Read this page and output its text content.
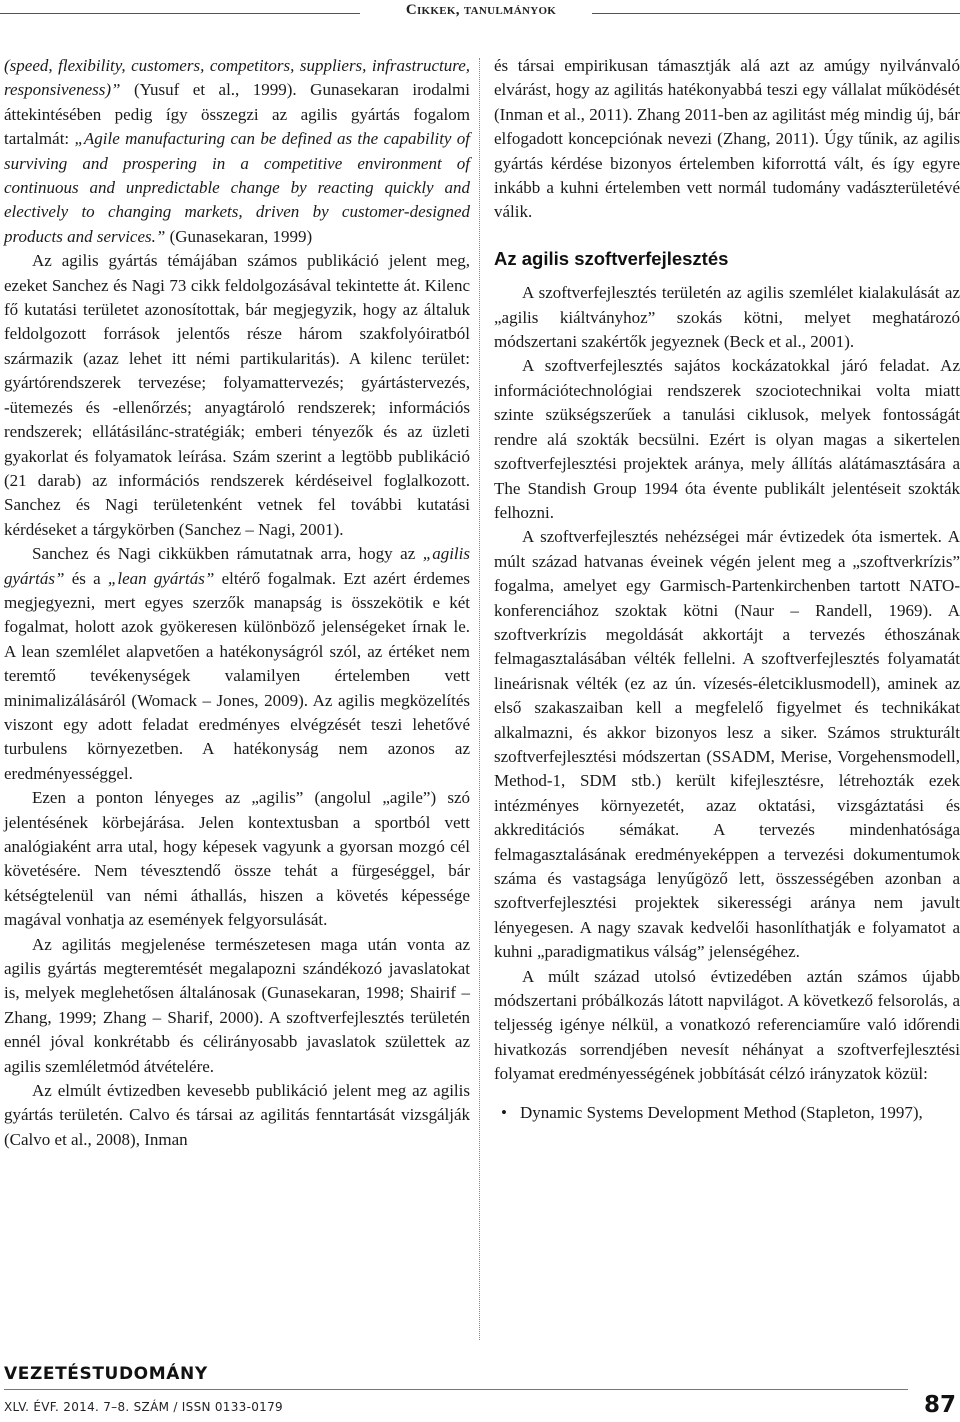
Cikkek, tanulmányok

(speed, flexibility, customers, competitors, suppliers, infrastructure, responsiveness)” (Yusuf et al., 1999). Gunasekaran irodalmi áttekintésében pedig így összegzi az agilis gyártás fogalom tartalmát: „Agile manufacturing can be defined as the capability of surviving and prospering in a competitive environment of continuous and unpredictable change by reacting quickly and electively to changing markets, driven by customer-designed products and services.” (Gunasekaran, 1999)

Az agilis gyártás témájában számos publikáció jelent meg, ezeket Sanchez és Nagi 73 cikk feldolgozásával tekintette át. Kilenc fő kutatási területet azonosítottak, bár megjegyzik, hogy az általuk feldolgozott források jelentős része három szakfolyóiratból származik (azaz lehet itt némi partikularitás). A kilenc terület: gyártórendszerek tervezése; folyamattervezés; gyártástervezés, -ütemezés és -ellenőrzés; anyagtároló rendszerek; információs rendszerek; ellátásilánc-stratégiák; emberi tényezők és az üzleti gyakorlat és folyamatok leírása. Szám szerint a legtöbb publikáció (21 darab) az információs rendszerek kérdéseivel foglalkozott. Sanchez és Nagi területenként vetnek fel további kutatási kérdéseket a tárgykörben (Sanchez – Nagi, 2001).

Sanchez és Nagi cikkükben rámutatnak arra, hogy az „agilis gyártás” és a „lean gyártás” eltérő fogalmak. Ezt azért érdemes megjegyezni, mert egyes szerzők manapság is összekötik e két fogalmat, holott azok gyökeresen különböző jelenségeket írnak le. A lean szemlélet alapvetően a hatékonyságról szól, az értéket nem teremtő tevékenységek valamilyen értelemben vett minimalizálásáról (Womack – Jones, 2009). Az agilis megközelítés viszont egy adott feladat eredményes elvégzését teszi lehetővé turbulens környezetben. A hatékonyság nem azonos az eredményességgel.

Ezen a ponton lényeges az „agilis” (angolul „agile”) szó jelentésének körbejárása. Jelen kontextusban a sportból vett analógiaként arra utal, hogy képesek vagyunk a gyorsan mozgó cél követésére. Nem tévesztendő össze tehát a fürgeséggel, bár kétségtelenül van némi áthallás, hiszen a követés képessége magával vonhatja az események felgyorsulását.

Az agilitás megjelenése természetesen maga után vonta az agilis gyártás megteremtését megalapozni szándékozó javaslatokat is, melyek meglehetősen általánosak (Gunasekaran, 1998; Shairif – Zhang, 1999; Zhang – Sharif, 2000). A szoftverfejlesztés területén ennél jóval konkrétabb és célirányosabb javaslatok születtek az agilis szemléletmód átvételére.

Az elmúlt évtizedben kevesebb publikáció jelent meg az agilis gyártás területén. Calvo és társai az agilitás fenntartását vizsgálják (Calvo et al., 2008), Inman

és társai empirikusan támasztják alá azt az amúgy nyilvánvaló elvárást, hogy az agilitás hatékonyabbá teszi egy vállalat működését (Inman et al., 2011). Zhang 2011-ben az agilitást még mindig új, bár elfogadott koncepciónak nevezi (Zhang, 2011). Úgy tűnik, az agilis gyártás kérdése bizonyos értelemben kiforrottá vált, és így egyre inkább a kuhni értelemben vett normál tudomány vadászterületévé válik.

Az agilis szoftverfejlesztés

A szoftverfejlesztés területén az agilis szemlélet kialakulását az „agilis kiáltványhoz” szokás kötni, melyet meghatározó módszertani szakértők jegyeznek (Beck et al., 2001).

A szoftverfejlesztés sajátos kockázatokkal járó feladat. Az információtechnológiai rendszerek szociotechnikai volta miatt szinte szükségszerűek a tanulási ciklusok, melyek fontosságát rendre alá szokták becsülni. Ezért is olyan magas a sikertelen szoftverfejlesztési projektek aránya, mely állítás alátámasztására a The Standish Group 1994 óta évente publikált jelentéseit szokták felhozni.

A szoftverfejlesztés nehézségei már évtizedek óta ismertek. A múlt század hatvanas éveinek végén jelent meg a „szoftverkrízis” fogalma, amelyet egy Garmisch-Partenkirchenben tartott NATO-konferenciához szoktak kötni (Naur – Randell, 1969). A szoftverkrízis megoldását akkortájt a tervezés éthoszának felmagasztalásában vélték fellelni. A szoftverfejlesztés folyamatát lineárisnak vélték (ez az ún. vízesés-életciklusmodell), aminek az első szakaszaiban kell a megfelelő figyelmet és technikákat alkalmazni, és akkor bizonyos lesz a siker. Számos strukturált szoftverfejlesztési módszertan (SSADM, Merise, Vorgehensmodell, Method-1, SDM stb.) került kifejlesztésre, létrehozták ezek intézményes környezetét, azaz oktatási, vizsgáztatási és akkreditációs sémákat. A tervezés mindenhatósága felmagasztalásának eredményeképpen a tervezési dokumentumok száma és vastagsága lenyűgöző lett, összességében azonban a szoftverfejlesztési projektek sikerességi aránya nem javult lényegesen. A nagy szavak kedvelői hasonlíthatják e folyamatot a kuhni „paradigmatikus válság” jelenségéhez.

A múlt század utolsó évtizedében aztán számos újabb módszertani próbálkozás látott napvilágot. A következő felsorolás, a teljesség igénye nélkül, a vonatkozó referenciaműre való időrendi hivatkozás sorrendjében nevesít néhányat a szoftverfejlesztési folyamat eredményességének jobbítását célzó irányzatok közül:

• Dynamic Systems Development Method (Stapleton, 1997),
VEZETÉSTUDOMÁNY
XLV. ÉVF. 2014. 7–8. SZÁM / ISSN 0133-0179	87
